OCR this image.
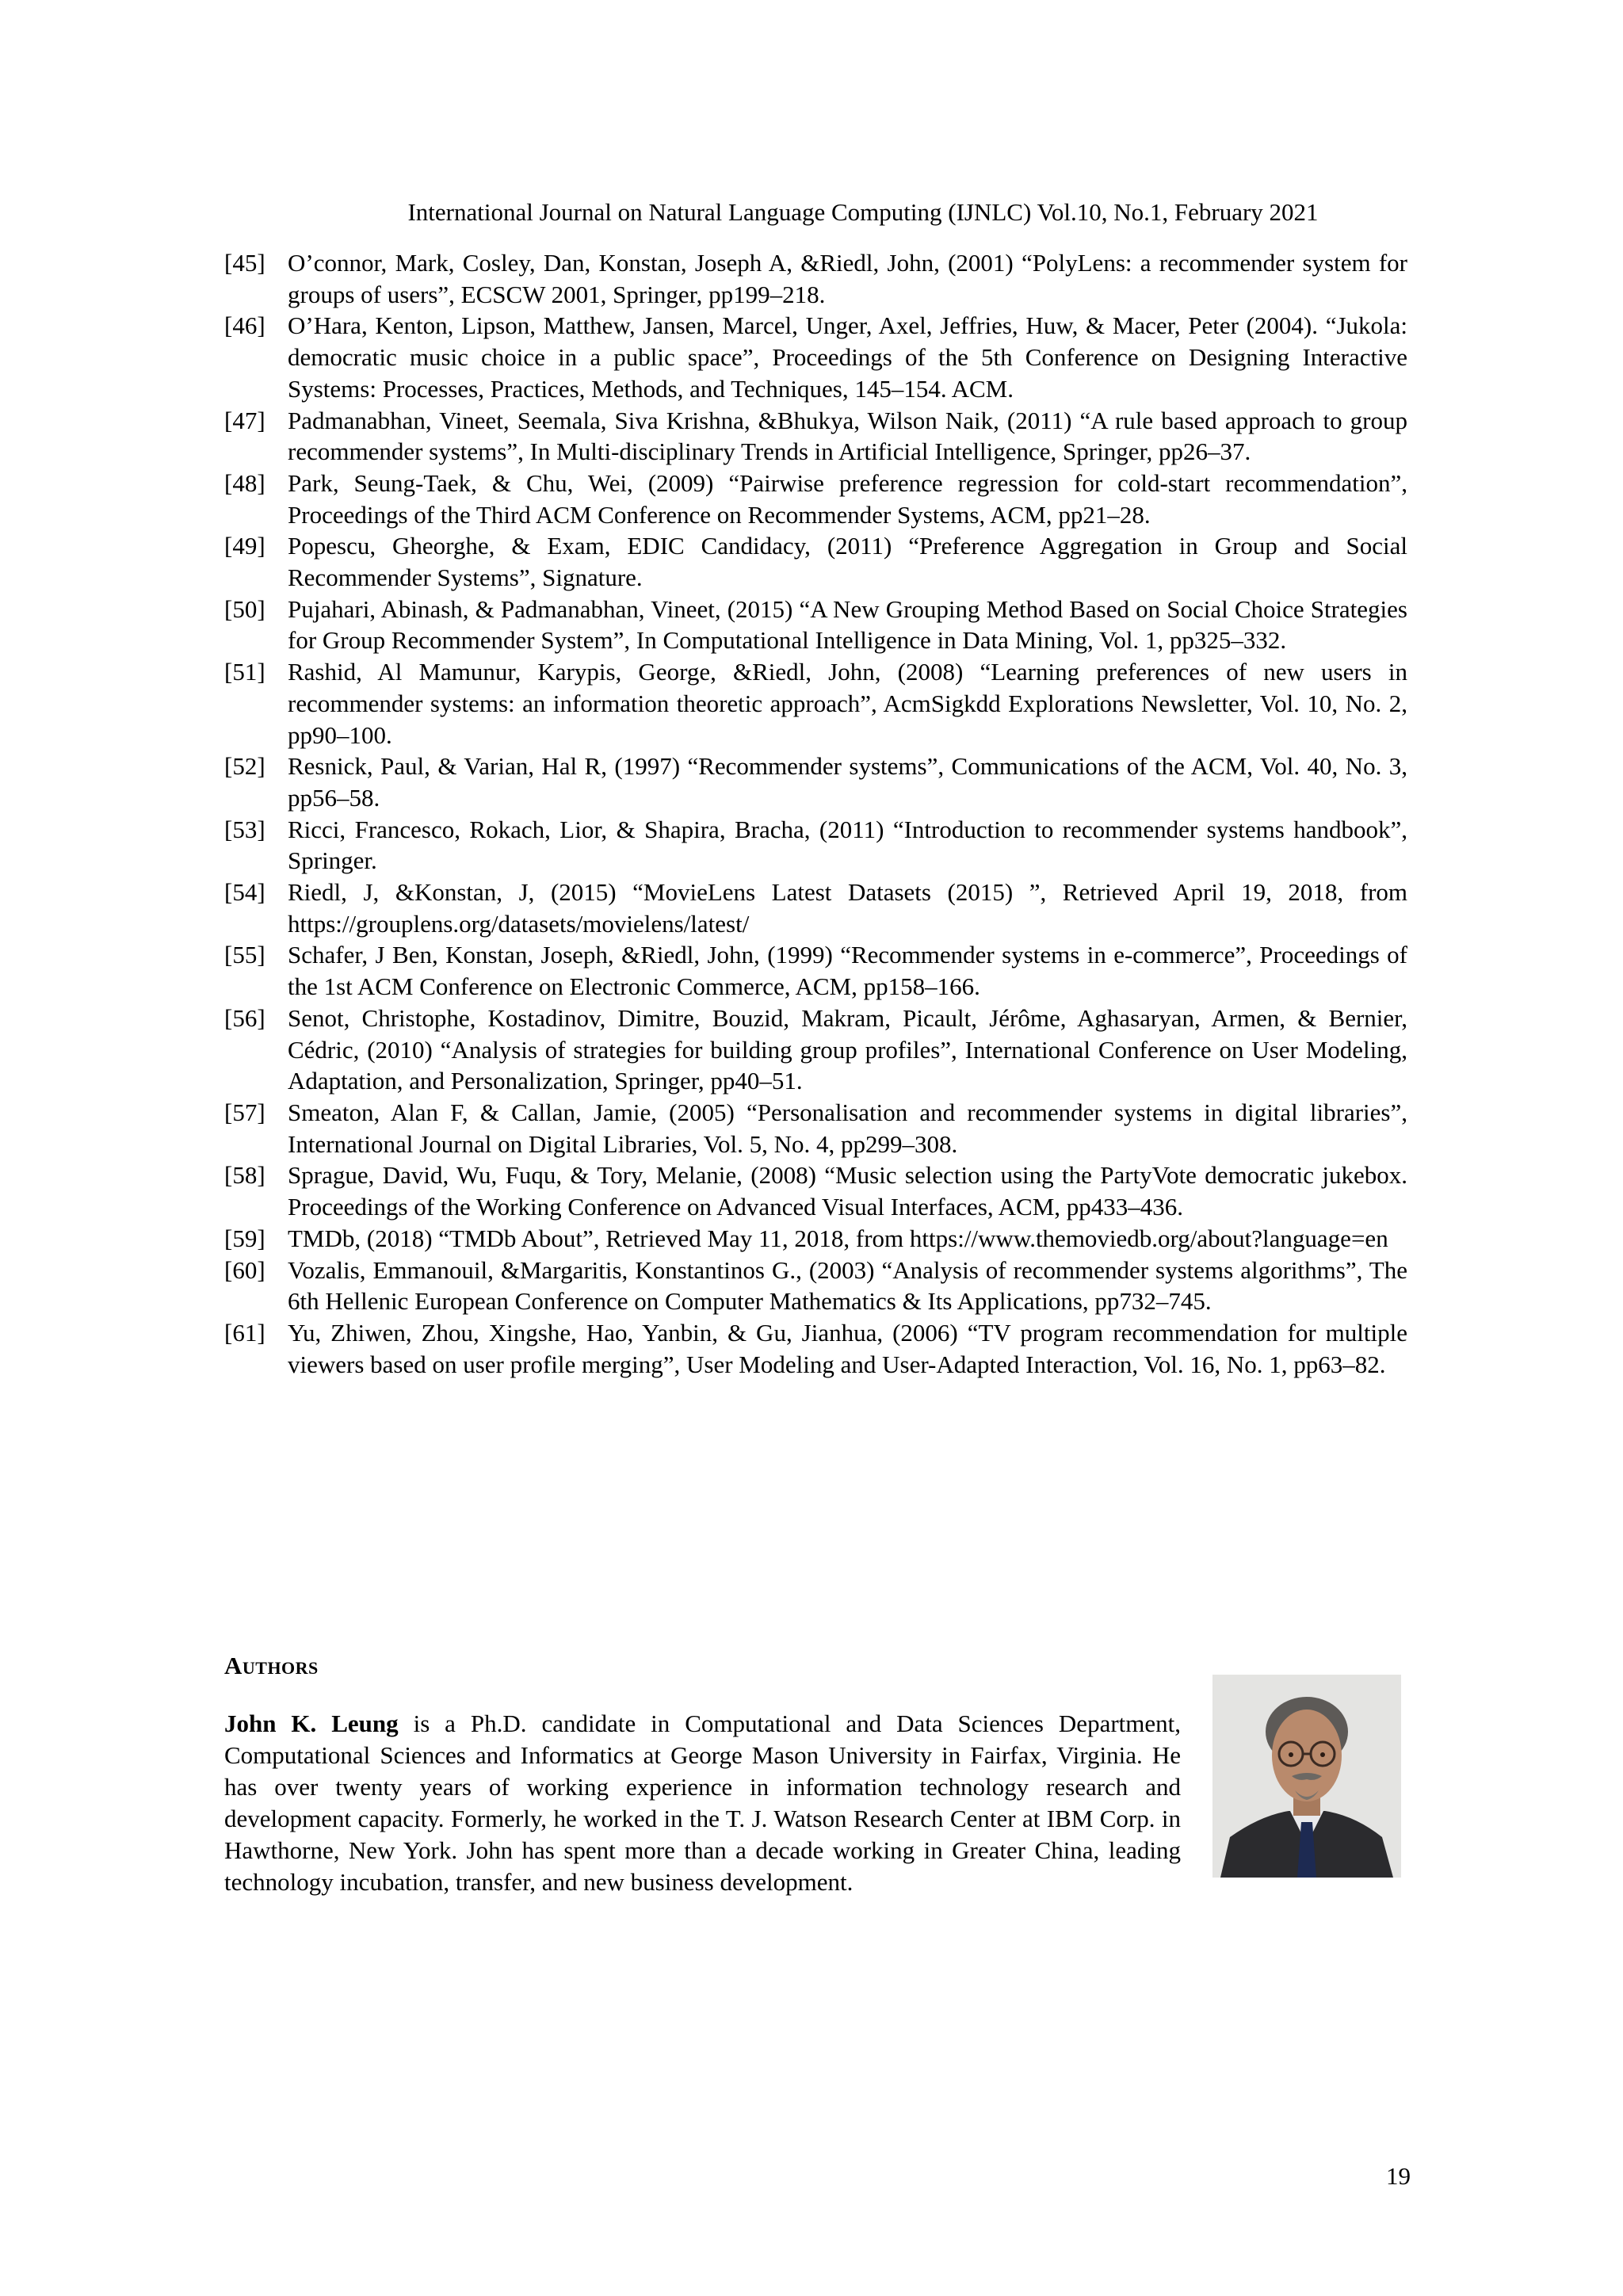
International Journal on Natural Language Computing (IJNLC) Vol.10, No.1, February 2021
[45] O’connor, Mark, Cosley, Dan, Konstan, Joseph A, &Riedl, John, (2001) “PolyLens: a recommender system for groups of users”, ECSCW 2001, Springer, pp199–218.
[46] O’Hara, Kenton, Lipson, Matthew, Jansen, Marcel, Unger, Axel, Jeffries, Huw, & Macer, Peter (2004). “Jukola: democratic music choice in a public space”, Proceedings of the 5th Conference on Designing Interactive Systems: Processes, Practices, Methods, and Techniques, 145–154. ACM.
[47] Padmanabhan, Vineet, Seemala, Siva Krishna, &Bhukya, Wilson Naik, (2011) “A rule based approach to group recommender systems”, In Multi-disciplinary Trends in Artificial Intelligence, Springer, pp26–37.
[48] Park, Seung-Taek, & Chu, Wei, (2009) “Pairwise preference regression for cold-start recommendation”, Proceedings of the Third ACM Conference on Recommender Systems, ACM, pp21–28.
[49] Popescu, Gheorghe, & Exam, EDIC Candidacy, (2011) “Preference Aggregation in Group and Social Recommender Systems”, Signature.
[50] Pujahari, Abinash, & Padmanabhan, Vineet, (2015) “A New Grouping Method Based on Social Choice Strategies for Group Recommender System”, In Computational Intelligence in Data Mining, Vol. 1, pp325–332.
[51] Rashid, Al Mamunur, Karypis, George, &Riedl, John, (2008) “Learning preferences of new users in recommender systems: an information theoretic approach”, AcmSigkdd Explorations Newsletter, Vol. 10, No. 2, pp90–100.
[52] Resnick, Paul, & Varian, Hal R, (1997) “Recommender systems”, Communications of the ACM, Vol. 40, No. 3, pp56–58.
[53] Ricci, Francesco, Rokach, Lior, & Shapira, Bracha, (2011) “Introduction to recommender systems handbook”, Springer.
[54] Riedl, J, &Konstan, J, (2015) “MovieLens Latest Datasets (2015) ”, Retrieved April 19, 2018, from https://grouplens.org/datasets/movielens/latest/
[55] Schafer, J Ben, Konstan, Joseph, &Riedl, John, (1999) “Recommender systems in e-commerce”, Proceedings of the 1st ACM Conference on Electronic Commerce, ACM, pp158–166.
[56] Senot, Christophe, Kostadinov, Dimitre, Bouzid, Makram, Picault, Jérôme, Aghasaryan, Armen, & Bernier, Cédric, (2010) “Analysis of strategies for building group profiles”, International Conference on User Modeling, Adaptation, and Personalization, Springer, pp40–51.
[57] Smeaton, Alan F, & Callan, Jamie, (2005) “Personalisation and recommender systems in digital libraries”, International Journal on Digital Libraries, Vol. 5, No. 4, pp299–308.
[58] Sprague, David, Wu, Fuqu, & Tory, Melanie, (2008) “Music selection using the PartyVote democratic jukebox. Proceedings of the Working Conference on Advanced Visual Interfaces, ACM, pp433–436.
[59] TMDb, (2018) “TMDb About”, Retrieved May 11, 2018, from https://www.themoviedb.org/about?language=en
[60] Vozalis, Emmanouil, &Margaritis, Konstantinos G., (2003) “Analysis of recommender systems algorithms”, The 6th Hellenic European Conference on Computer Mathematics & Its Applications, pp732–745.
[61] Yu, Zhiwen, Zhou, Xingshe, Hao, Yanbin, & Gu, Jianhua, (2006) “TV program recommendation for multiple viewers based on user profile merging”, User Modeling and User-Adapted Interaction, Vol. 16, No. 1, pp63–82.
Authors

John K. Leung is a Ph.D. candidate in Computational and Data Sciences Department, Computational Sciences and Informatics at George Mason University in Fairfax, Virginia. He has over twenty years of working experience in information technology research and development capacity. Formerly, he worked in the T. J. Watson Research Center at IBM Corp. in Hawthorne, New York. John has spent more than a decade working in Greater China, leading technology incubation, transfer, and new business development.

19
